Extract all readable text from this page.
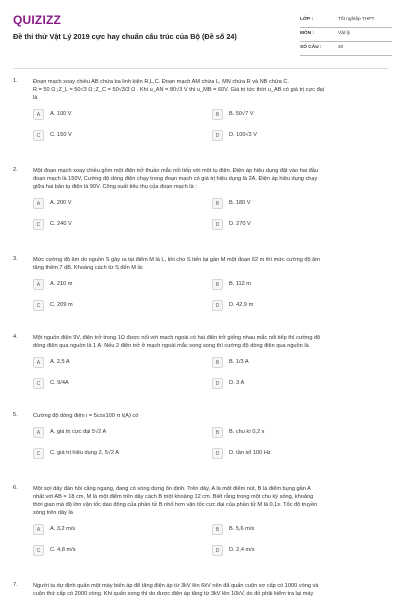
QUIZIZZ
Đề thi thử Vật Lý 2019 cực hay chuẩn cấu trúc của Bộ (Đề số 24)
LỚP :	Tốt nghiệp THPT
MÔN :	Vật lý
SỐ CÂU :	40
1.	Đoạn mạch xoay chiều AB chứa ba linh kiện R,L,C. Đoạn mạch AM chứa L, MN chứa R và NB chứa C.
R = 50 Ω ;Z_L = 50√3 Ω ;Z_C = 50√3/3 Ω . Khi u_AN = 80√3 V thì u_MB = 60V. Giá trị tức thời u_AB có giá trị cực đại
là
A	A. 100 V	B	B. 50√7 V
C	C. 150 V	D	D. 100√3 V
2.	Một đoạn mạch xoay chiều gồm một điện trở thuần mắc nối tiếp với một tụ điện. Điện áp hiệu dụng đặt vào hai đầu
đoạn mạch là 150V, Cường độ dòng điện chạy trong đoạn mạch có giá trị hiệu dụng là 2A. Điện áp hiệu dụng chạy
giữa hai bản tụ điện là 90V. Công suất tiêu thụ của đoạn mạch là :
A	A. 200 V	B	B. 180 V
C	C. 240 V	D	D. 270 V
3.	Mức cường độ âm do nguồn S gây ra tại điểm M là L, khi cho S tiến lại gần M một đoạn 62 m thì mức cường độ âm
tăng thêm 7 dB. Khoảng cách từ S đến M là:
A	A. 210 m	B	B. 112 m
C	C. 209 m	D	D. 42,9 m
4.	Một nguồn điện 9V, điện trở trong 1Ω được nối với mạch ngoài có hai điện trở giống nhau mắc nối tiếp thì cường độ
dòng điện qua nguồn là 1 A. Nếu 2 điện trở ở mạch ngoài mắc song song thì cường độ dòng điện qua nguồn là
A	A. 2,5 A	B	B. 1/3 A
C	C. 9/4A	D	D. 3 A
5.	Cường độ dòng điện i = 5cos100 π t(A) có
A	A. giá trị cực đại 5√2 A	B	B. chu kì 0,2 s
C	C. giá trị hiệu dụng 2, 5√2 A	D	D. tần số 100 Hz
6.	Một sợi dây đàn hồi căng ngang, đang có sóng dừng ổn định. Trên dây, A là một điểm nút, B là điểm bụng gần A
nhất với AB = 18 cm, M là một điểm trên dây cách B một khoảng 12 cm. Biết rằng trong một chu kỳ sóng, khoảng
thời gian mà độ lớn vận tốc dao động của phần tử B nhỏ hơn vận tốc cực đại của phần tử M là 0,1s. Tốc độ truyền
sóng trên dây là
A	A. 3,2 m/s	B	B. 5,6 m/s
C	C. 4,8 m/s	D	D. 2,4 m/s
7.	Người ta dự định quấn một máy biến áp để tăng điện áp từ 3kV lên 6kV nên đã quấn cuộn sơ cấp có 1000 vòng và
cuộn thứ cấp có 2000 vòng. Khi quấn xong thì do được điện áp tăng từ 3kV lên 10kV, do đó phải kiểm tra lại máy
